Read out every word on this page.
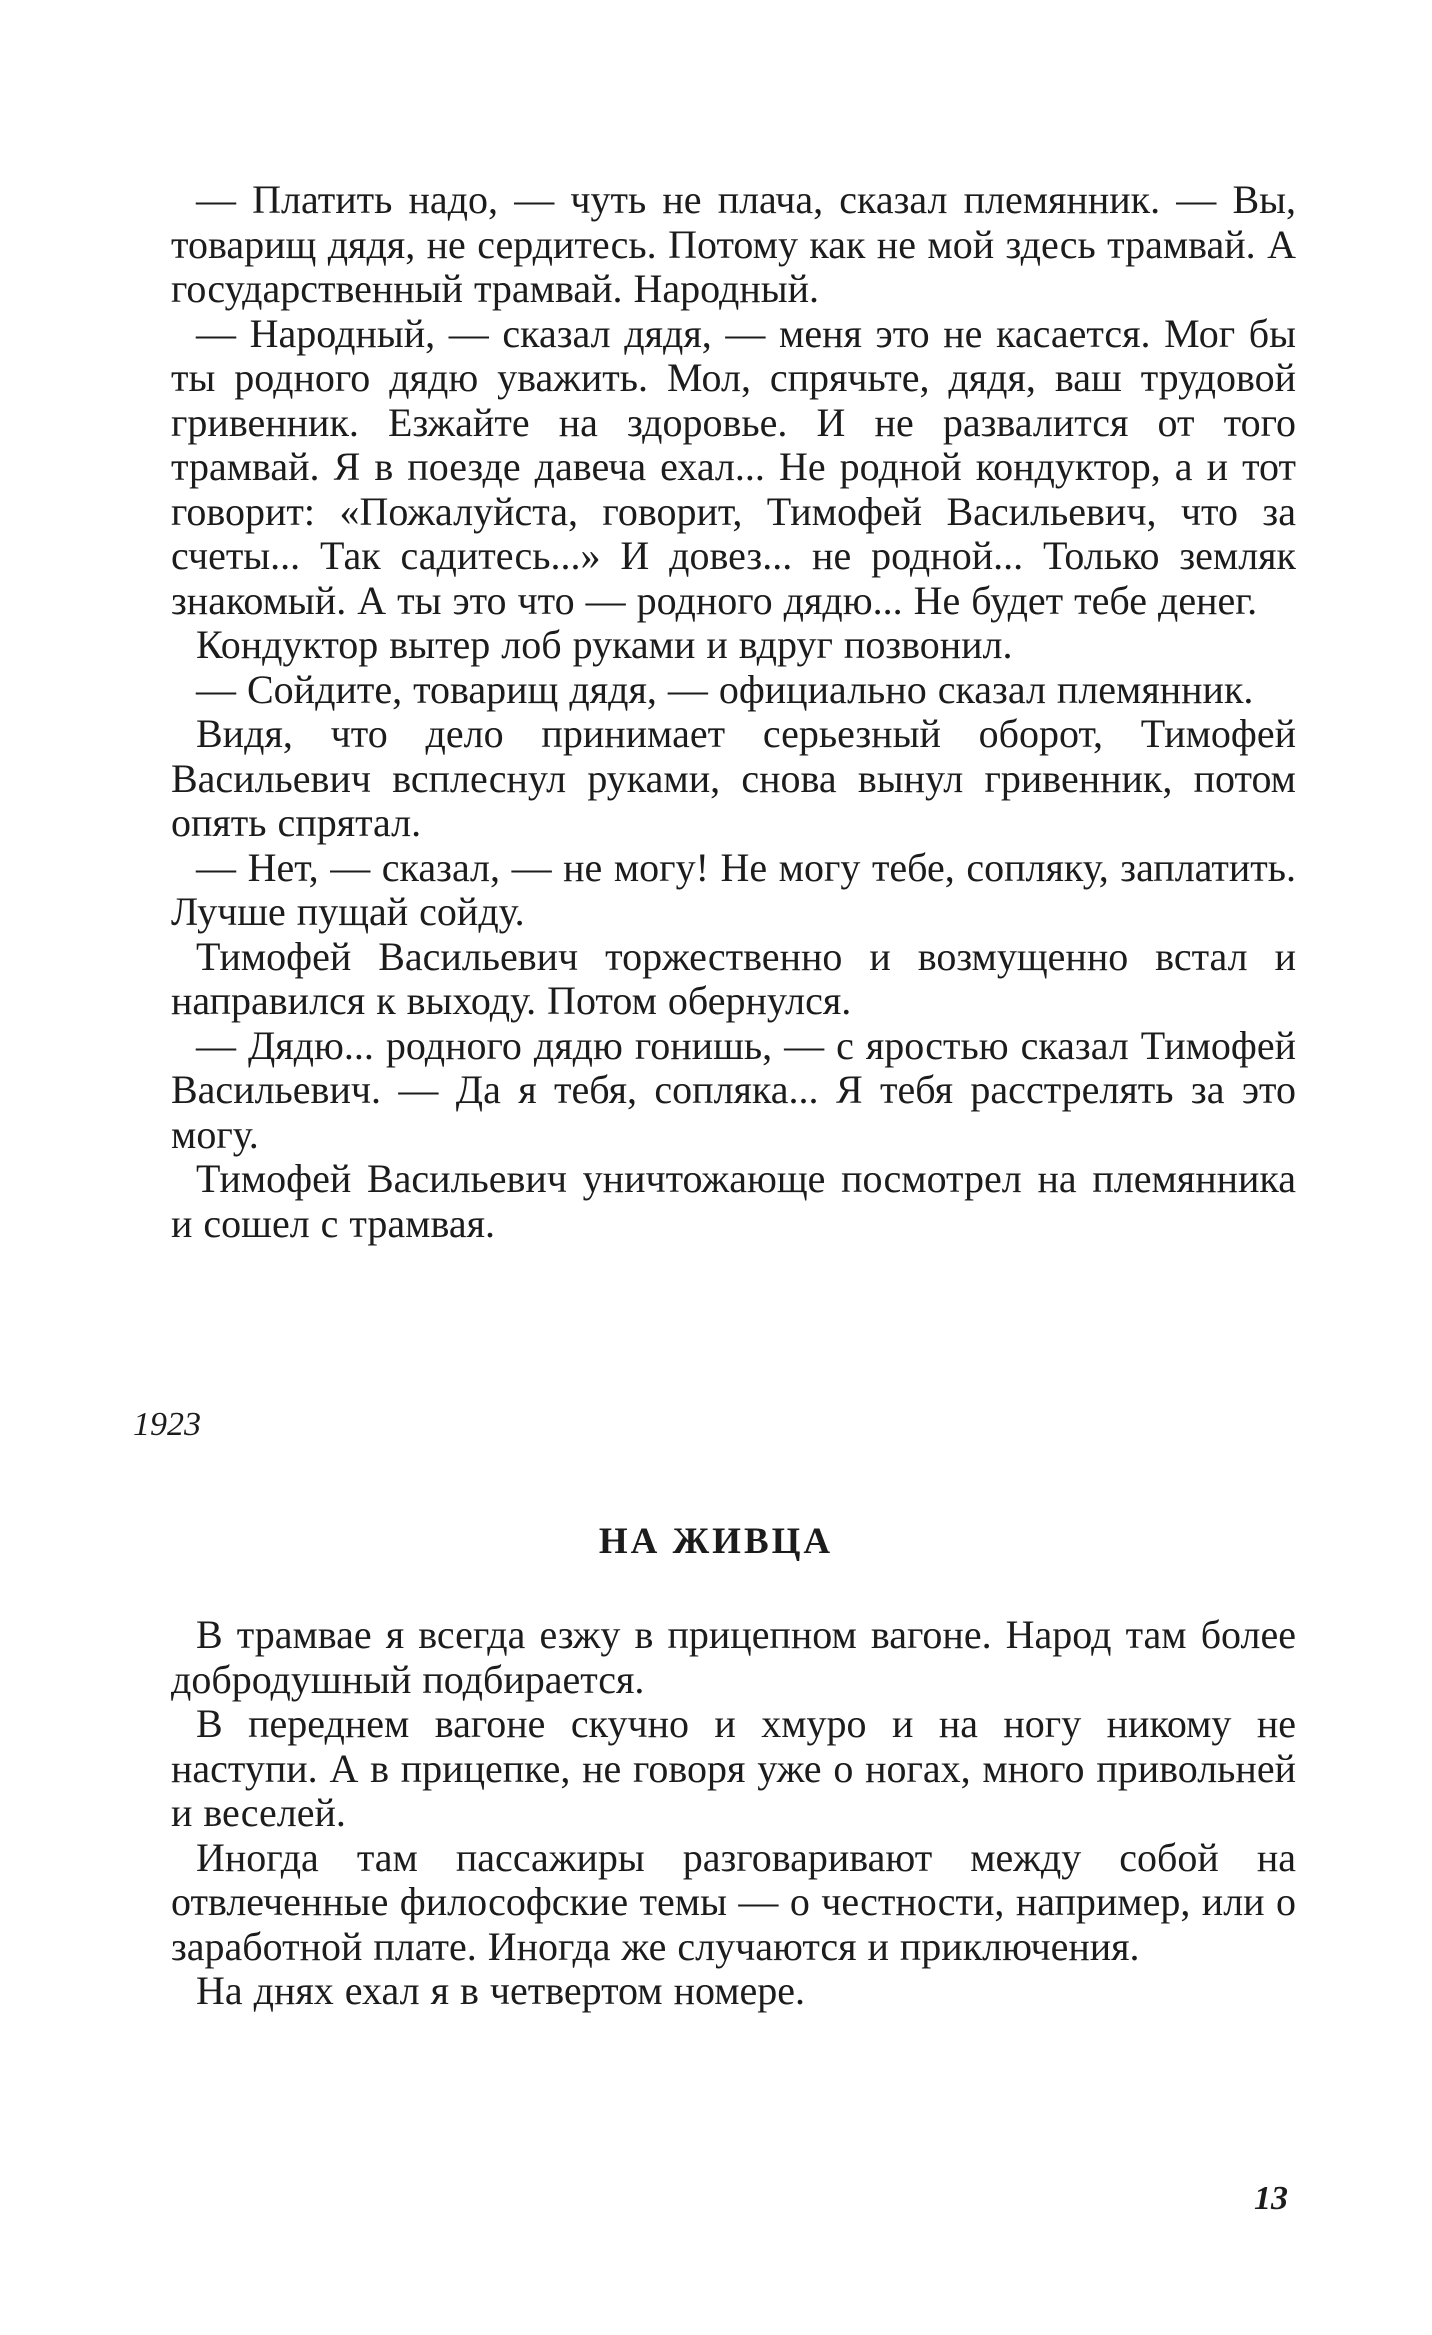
— Платить надо, — чуть не плача, сказал племянник. — Вы, товарищ дядя, не сердитесь. Потому как не мой здесь трамвай. А государственный трамвай. Народный.

— Народный, — сказал дядя, — меня это не касается. Мог бы ты родного дядю уважить. Мол, спрячьте, дядя, ваш трудовой гривенник. Езжайте на здоровье. И не развалится от того трамвай. Я в поезде давеча ехал... Не родной кондуктор, а и тот говорит: «Пожалуйста, говорит, Тимофей Васильевич, что за счеты... Так садитесь...» И довез... не родной... Только земляк знакомый. А ты это что — родного дядю... Не будет тебе денег.

Кондуктор вытер лоб руками и вдруг позвонил.

— Сойдите, товарищ дядя, — официально сказал племянник.

Видя, что дело принимает серьезный оборот, Тимофей Васильевич всплеснул руками, снова вынул гривенник, потом опять спрятал.

— Нет, — сказал, — не могу! Не могу тебе, сопляку, заплатить. Лучше пущай сойду.

Тимофей Васильевич торжественно и возмущенно встал и направился к выходу. Потом обернулся.

— Дядю... родного дядю гонишь, — с яростью сказал Тимофей Васильевич. — Да я тебя, сопляка... Я тебя расстрелять за это могу.

Тимофей Васильевич уничтожающе посмотрел на племянника и сошел с трамвая.

1923
НА ЖИВЦА

В трамвае я всегда езжу в прицепном вагоне. Народ там более добродушный подбирается.

В переднем вагоне скучно и хмуро и на ногу никому не наступи. А в прицепке, не говоря уже о ногах, много привольней и веселей.

Иногда там пассажиры разговаривают между собой на отвлеченные философские темы — о честности, например, или о заработной плате. Иногда же случаются и приключения.

На днях ехал я в четвертом номере.

13
